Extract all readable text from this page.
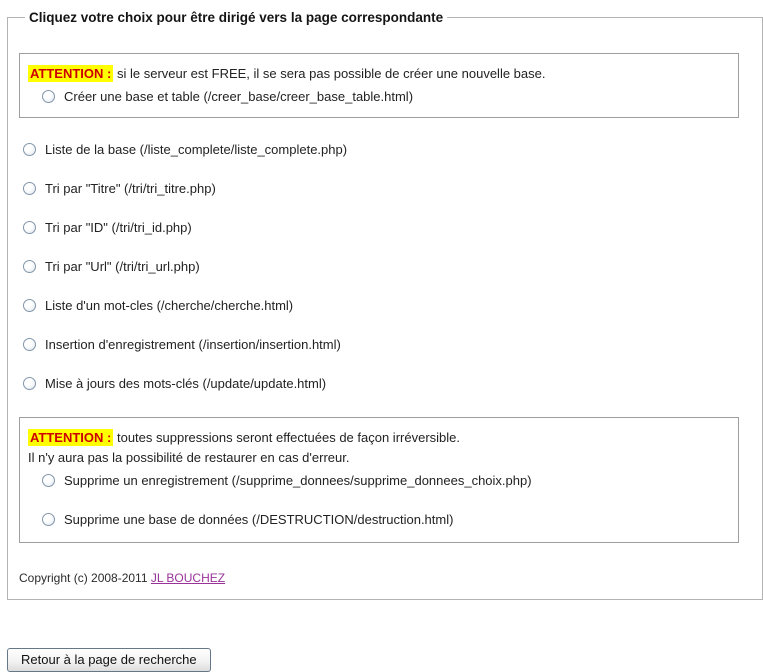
Cliquez votre choix pour être dirigé vers la page correspondante
ATTENTION : si le serveur est FREE, il se sera pas possible de créer une nouvelle base.
Créer une base et table (/creer_base/creer_base_table.html)
Liste de la base (/liste_complete/liste_complete.php)
Tri par "Titre" (/tri/tri_titre.php)
Tri par "ID" (/tri/tri_id.php)
Tri par "Url" (/tri/tri_url.php)
Liste d'un mot-cles (/cherche/cherche.html)
Insertion d'enregistrement (/insertion/insertion.html)
Mise à jours des mots-clés (/update/update.html)
ATTENTION : toutes suppressions seront effectuées de façon irréversible.
Il n'y aura pas la possibilité de restaurer en cas d'erreur.
Supprime un enregistrement (/supprime_donnees/supprime_donnees_choix.php)
Supprime une base de données (/DESTRUCTION/destruction.html)
Copyright (c) 2008-2011 JL BOUCHEZ
Retour à la page de recherche
